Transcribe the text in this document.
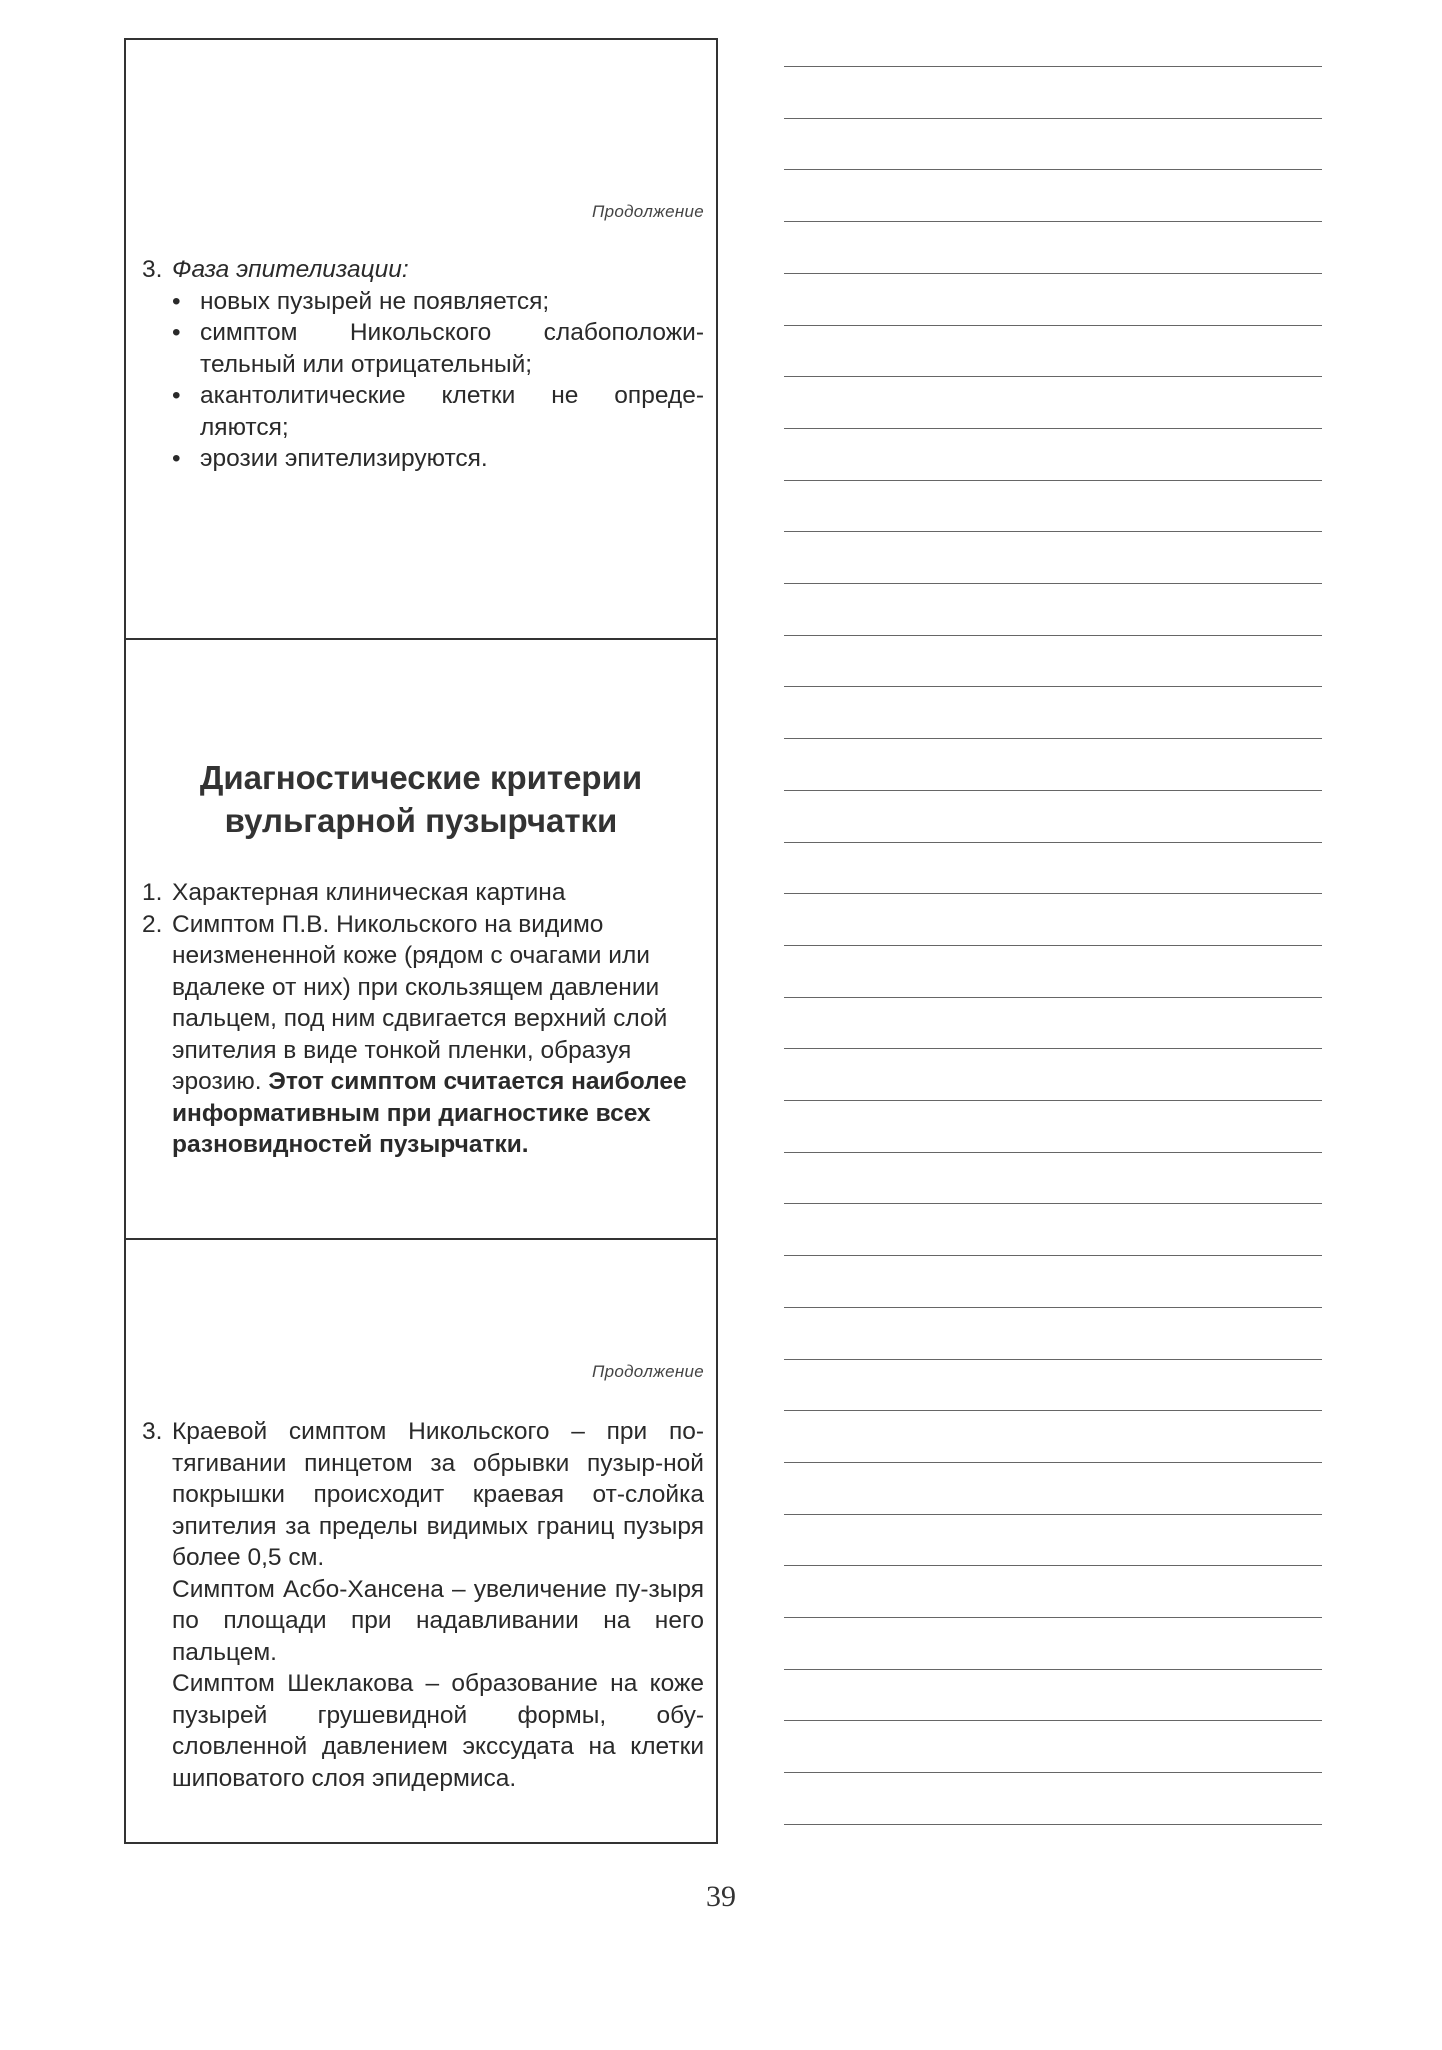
Продолжение
3. Фаза эпителизации:
• новых пузырей не появляется;
• симптом Никольского слабоположи-тельный или отрицательный;
• акантолитические клетки не опреде-ляются;
• эрозии эпителизируются.
Диагностические критерии
вульгарной пузырчатки
1. Характерная клиническая картина
2. Симптом П.В. Никольского на видимо неизмененной коже (рядом с очагами или вдалеке от них) при скользящем давлении пальцем, под ним сдвигается верхний слой эпителия в виде тонкой пленки, образуя эрозию. Этот симптом считается наиболее информативным при диагностике всех разновидностей пузырчатки.
Продолжение
3. Краевой симптом Никольского – при по-тягивании пинцетом за обрывки пузыр-ной покрышки происходит краевая от-слойка эпителия за пределы видимых границ пузыря более 0,5 см.
Симптом Асбо-Хансена – увеличение пу-зыря по площади при надавливании на него пальцем.
Симптом Шеклакова – образование на коже пузырей грушевидной формы, обу-словленной давлением экссудата на клетки шиповатого слоя эпидермиса.
39
